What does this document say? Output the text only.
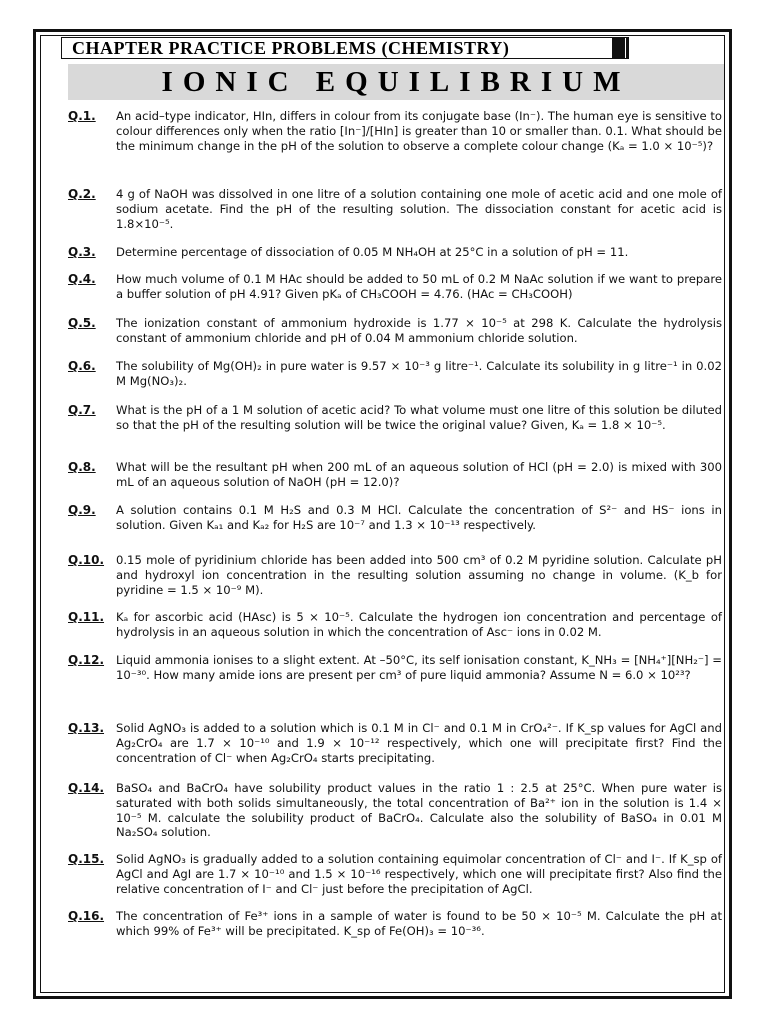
CHAPTER PRACTICE PROBLEMS (CHEMISTRY)
IONIC EQUILIBRIUM
Q.1.	An acid–type indicator, HIn, differs in colour from its conjugate base (In⁻). The human eye is sensitive to colour differences only when the ratio [In⁻]/[HIn] is greater than 10 or smaller than. 0.1. What should be the minimum change in the pH of the solution to observe a complete colour change (Kₐ = 1.0 × 10⁻⁵)?
Q.2.	4 g of NaOH was dissolved in one litre of a solution containing one mole of acetic acid and one mole of sodium acetate. Find the pH of the resulting solution. The dissociation constant for acetic acid is 1.8×10⁻⁵.
Q.3.	Determine percentage of dissociation of 0.05 M NH₄OH at 25°C in a solution of pH = 11.
Q.4.	How much volume of 0.1 M HAc should be added to 50 mL of 0.2 M NaAc solution if we want to prepare a buffer solution of pH 4.91? Given pKₐ of CH₃COOH = 4.76. (HAc = CH₃COOH)
Q.5.	The ionization constant of ammonium hydroxide is 1.77 × 10⁻⁵ at 298 K. Calculate the hydrolysis constant of ammonium chloride and pH of 0.04 M ammonium chloride solution.
Q.6.	The solubility of Mg(OH)₂ in pure water is 9.57 × 10⁻³ g litre⁻¹. Calculate its solubility in g litre⁻¹ in 0.02 M Mg(NO₃)₂.
Q.7.	What is the pH of a 1 M solution of acetic acid? To what volume must one litre of this solution be diluted so that the pH of the resulting solution will be twice the original value? Given, Kₐ = 1.8 × 10⁻⁵.
Q.8.	What will be the resultant pH when 200 mL of an aqueous solution of HCl (pH = 2.0) is mixed with 300 mL of an aqueous solution of NaOH (pH = 12.0)?
Q.9.	A solution contains 0.1 M H₂S and 0.3 M HCl. Calculate the concentration of S²⁻ and HS⁻ ions in solution. Given Kₐ₁ and Kₐ₂ for H₂S are 10⁻⁷ and 1.3 × 10⁻¹³ respectively.
Q.10.	0.15 mole of pyridinium chloride has been added into 500 cm³ of 0.2 M pyridine solution. Calculate pH and hydroxyl ion concentration in the resulting solution assuming no change in volume. (K_b for pyridine = 1.5 × 10⁻⁹ M).
Q.11.	Kₐ for ascorbic acid (HAsc) is 5 × 10⁻⁵. Calculate the hydrogen ion concentration and percentage of hydrolysis in an aqueous solution in which the concentration of Asc⁻ ions in 0.02 M.
Q.12.	Liquid ammonia ionises to a slight extent. At –50°C, its self ionisation constant, K_NH₃ = [NH₄⁺][NH₂⁻] = 10⁻³⁰. How many amide ions are present per cm³ of pure liquid ammonia? Assume N = 6.0 × 10²³?
Q.13.	Solid AgNO₃ is added to a solution which is 0.1 M in Cl⁻ and 0.1 M in CrO₄²⁻. If K_sp values for AgCl and Ag₂CrO₄ are 1.7 × 10⁻¹⁰ and 1.9 × 10⁻¹² respectively, which one will precipitate first? Find the concentration of Cl⁻ when Ag₂CrO₄ starts precipitating.
Q.14.	BaSO₄ and BaCrO₄ have solubility product values in the ratio 1 : 2.5 at 25°C. When pure water is saturated with both solids simultaneously, the total concentration of Ba²⁺ ion in the solution is 1.4 × 10⁻⁵ M. calculate the solubility product of BaCrO₄. Calculate also the solubility of BaSO₄ in 0.01 M Na₂SO₄ solution.
Q.15.	Solid AgNO₃ is gradually added to a solution containing equimolar concentration of Cl⁻ and I⁻. If K_sp of AgCl and AgI are 1.7 × 10⁻¹⁰ and 1.5 × 10⁻¹⁶ respectively, which one will precipitate first? Also find the relative concentration of I⁻ and Cl⁻ just before the precipitation of AgCl.
Q.16.	The concentration of Fe³⁺ ions in a sample of water is found to be 50 × 10⁻⁵ M. Calculate the pH at which 99% of Fe³⁺ will be precipitated. K_sp of Fe(OH)₃ = 10⁻³⁶.
